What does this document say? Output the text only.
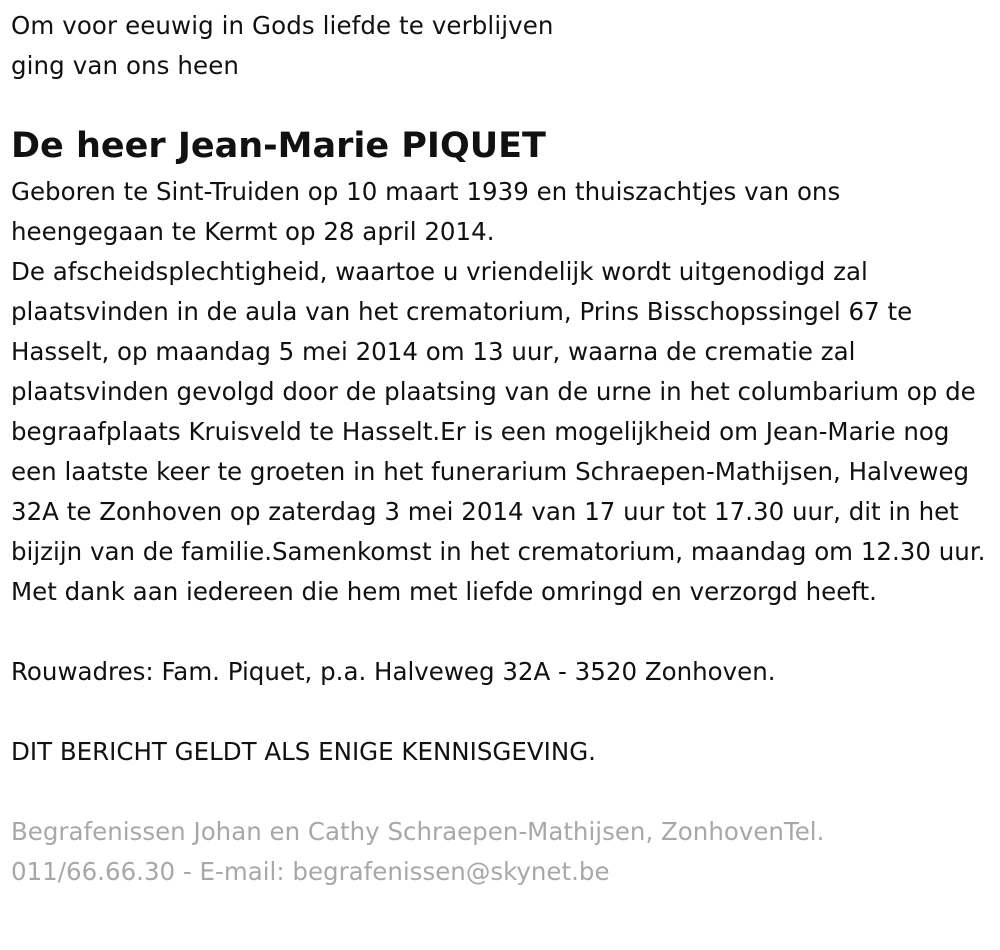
Om voor eeuwig in Gods liefde te verblijven

ging van ons heen

De heer Jean-Marie PIQUET

Geboren te Sint-Truiden op 10 maart 1939 en thuiszachtjes van ons heengegaan te Kermt op 28 april 2014.

De afscheidsplechtigheid, waartoe u vriendelijk wordt uitgenodigd zal plaatsvinden in de aula van het crematorium, Prins Bisschopssingel 67 te Hasselt, op maandag 5 mei 2014 om 13 uur, waarna de crematie zal plaatsvinden gevolgd door de plaatsing van de urne in het columbarium op de begraafplaats Kruisveld te Hasselt.Er is een mogelijkheid om Jean-Marie nog een laatste keer te groeten in het funerarium Schraepen-Mathijsen, Halveweg 32A te Zonhoven op zaterdag 3 mei 2014 van 17 uur tot 17.30 uur, dit in het bijzijn van de familie.Samenkomst in het crematorium, maandag om 12.30 uur.

Met dank aan iedereen die hem met liefde omringd en verzorgd heeft.

Rouwadres: Fam. Piquet, p.a. Halveweg 32A - 3520 Zonhoven.

DIT BERICHT GELDT ALS ENIGE KENNISGEVING.

Begrafenissen Johan en Cathy Schraepen-Mathijsen, ZonhovenTel. 011/66.66.30 - E-mail: begrafenissen@skynet.be
